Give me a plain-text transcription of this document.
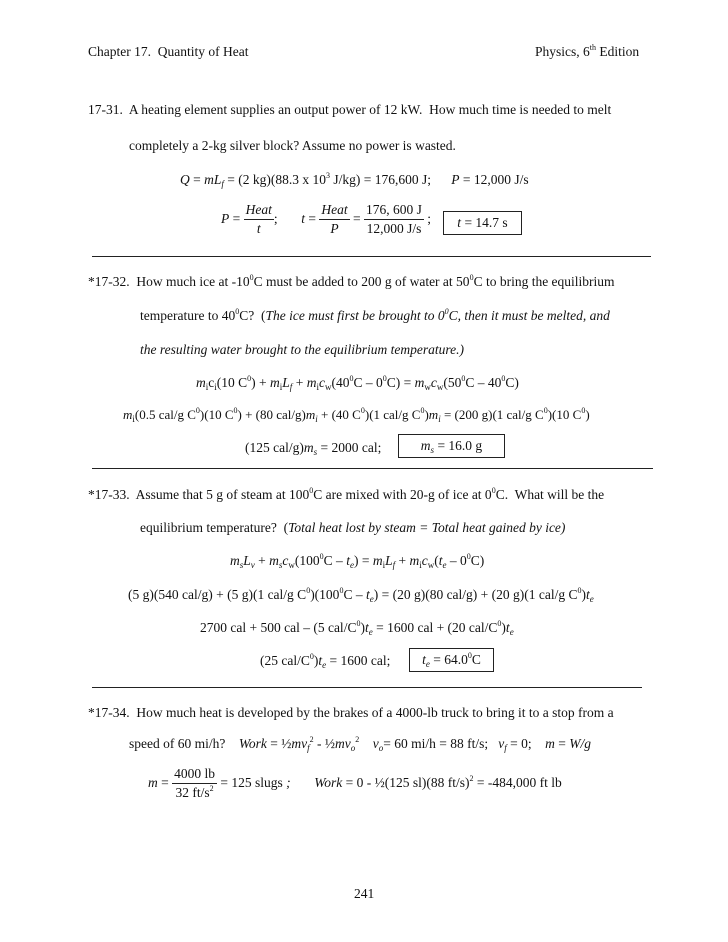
Chapter 17.  Quantity of Heat	Physics, 6th Edition
17-31.  A heating element supplies an output power of 12 kW.  How much time is needed to melt
completely a 2-kg silver block? Assume no power is wasted.
$Q = mL_f = (2$ kg)(88.3 x $10^3$ J/kg) = 176,600 J;      P = 12,000 J/s
$P = \frac{\text{Heat}}{t}$ ; $t = \frac{\text{Heat}}{P} = \frac{176, 600 J}{12,000 J/s}$ ;	t = 14.7 s
*17-32.  How much ice at $-10^0C$ must be added to 200 g of water at $50^0C$ to bring the equilibrium
temperature to $40^0C$?  (The ice must first be brought to $0^0C$, then it must be melted, and
the resulting water brought to the equilibrium temperature.)
$m_ic_i(10$ $C^0) + m_iL_f + m_ic_w(40^0C - 0^0C) = m_wc_w(50^0C - 40^0C)$
$m_i(0.5$ cal/g $C^0)(10$ $C^0) + (80$ cal/$g)m_i + (40$ $C^0)(1$ cal/g $C^0)m_i = (200$ g)(1 cal/g $C^0)(10$ $C^0$)
(125 cal/$g)m_s = 2000$ cal;	$m_s = 16.0$ g
*17-33.  Assume that 5 g of steam at $100^0C$ are mixed with 20-g of ice at $0^0C$.  What will be the
equilibrium temperature?  (Total heat lost by steam = Total heat gained by ice)
$m_sL_v + m_sc_w(100^0C - t_e) = m_iL_f + m_ic_w(t_e - 0^0C)$
(5 g)(540 cal/g) + (5 g)(1 cal/g $C^0)(100^0C - t_e) = (20$ g)(80 cal/g) + (20 g)(1 cal/g $C^0)t_e$
2700 cal + 500 cal – (5 cal/$C^0)t_e = 1600$ cal + (20 cal/$C^0)t_e$
(25 cal/$C^0)t_e = 1600$ cal;	$t_e = 64.0^0C$
*17-34.  How much heat is developed by the brakes of a 4000-lb truck to bring it to a stop from a
speed of 60 mi/h?    Work = $\frac{1}{2}mv_f^2$ - $\frac{1}{2}mv_o^2$ $v_o= 60$ mi/h = 88 ft/s;   $v_f = 0$;    m = W/g
$m = \frac{4000 lb}{32 ft/s^2} = 125$ slugs ; Work = 0 - ½(125 sl)(88 ft/s)$^2$ = -484,000 ft lb
241
